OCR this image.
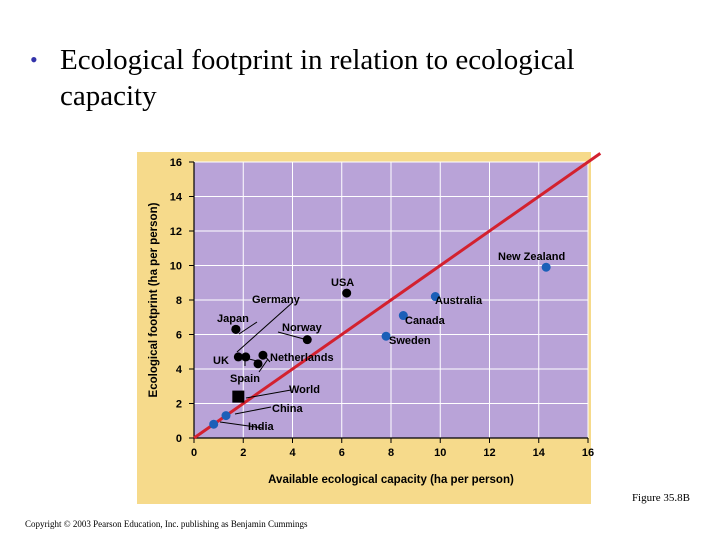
• Ecological footprint in relation to ecological capacity
0	2	4	6	8	10	12	14	16
0
2
4
6
8
10
12
14
16
Available ecological capacity (ha per person)
Ecological footprint (ha per person)	USA
Germany
Japan
Norway
UK	Netherlands
Spain
World
China
India
New Zealand
Australia
Canada
Sweden
Figure 35.8B
Copyright © 2003 Pearson Education, Inc. publishing as Benjamin Cummings
